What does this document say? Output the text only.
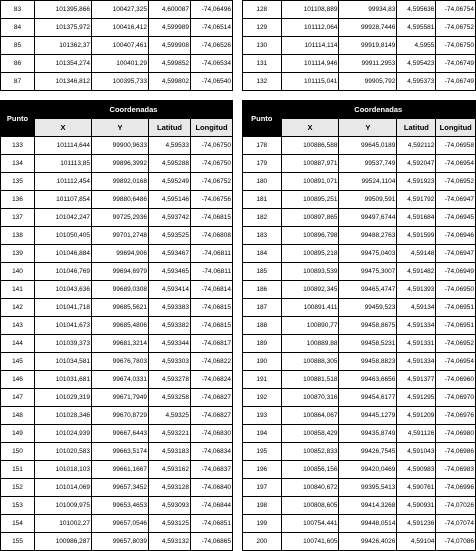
83	101395,866	100427,325	4,600087	-74,06496
84	101375,972	100416,412	4,599989	-74,06514
85	101362,37	100407,461	4,599908	-74,06526
86	101354,274	100401,29	4,599852	-74,06534
87	101346,812	100395,733	4,599802	-74,06540

Punto	Coordenadas			
	X	Y	Latitud	Longitud
133	101114,644	99900,9633	4,59533	-74,06750
134	101113,85	99896,3992	4,595288	-74,06750
135	101112,454	99892,0168	4,595249	-74,06752
136	101107,854	99880,6486	4,595146	-74,06756
137	101042,247	99725,2936	4,593742	-74,06815
138	101050,405	99701,2748	4,593525	-74,06808
139	101046,884	99694,906	4,593467	-74,06811
140	101046,769	99694,6979	4,593465	-74,06811
141	101043,636	99689,0308	4,593414	-74,06814
142	101041,718	99685,5621	4,593383	-74,06815
143	101041,673	99685,4806	4,593382	-74,06815
144	101039,373	99681,3214	4,593344	-74,06817
145	101034,581	99676,7803	4,593303	-74,06822
146	101031,681	99674,0331	4,593278	-74,06824
147	101029,319	99671,7949	4,593258	-74,06827
148	101028,346	99670,8729	4,59325	-74,06827
149	101024,939	99667,6443	4,593221	-74,06830
150	101020,583	99663,5174	4,593183	-74,06834
151	101018,103	99661,1667	4,593162	-74,06837
152	101014,069	99657,3452	4,593128	-74,06840
153	101009,975	99653,4653	4,593093	-74,06844
154	101002,27	99657,0546	4,593125	-74,06851
155	100986,287	99657,8039	4,593132	-74,06865
128	101108,889	99934,83	4,595636	-74,06754
129	101112,064	99928,7446	4,595581	-74,06752
130	101114,114	99919,8149	4,5955	-74,06750
131	101114,946	99911,2953	4,595423	-74,06749
132	101115,041	99905,792	4,595373	-74,06749

Punto	Coordenadas			
	X	Y	Latitud	Longitud
178	100886,588	99645,0189	4,592112	-74,06958
179	100887,971	99537,749	4,592047	-74,06954
180	100891,071	99524,1104	4,591923	-74,06952
181	100895,251	99509,591	4,591792	-74,06947
182	100897,865	99497,6744	4,591684	-74,06945
183	100896,798	99488,2763	4,591599	-74,06946
184	100895,218	99475,0403	4,59148	-74,06947
185	100893,539	99475,3007	4,591482	-74,06949
186	100892,345	99465,4747	4,591393	-74,06950
187	100891,411	99459,523	4,59134	-74,06951
188	100890,77	99458,8675	4,591334	-74,06951
189	100889,88	99458,5231	4,591331	-74,06952
190	100888,305	99458,8823	4,591334	-74,06954
191	100881,518	99463,6656	4,591377	-74,06960
192	100870,316	99454,6177	4,591295	-74,06970
193	100864,067	99445,1279	4,591209	-74,06976
194	100858,429	99435,8749	4,591126	-74,06980
195	100852,833	99426,7545	4,591043	-74,06986
196	100856,156	99420,0469	4,590983	-74,06983
197	100840,672	99395,5413	4,590761	-74,06996
198	100808,605	99414,3268	4,590931	-74,07026
199	100754,441	99448,0514	4,591236	-74,07074
200	100741,605	99426,4026	4,59104	-74,07086
